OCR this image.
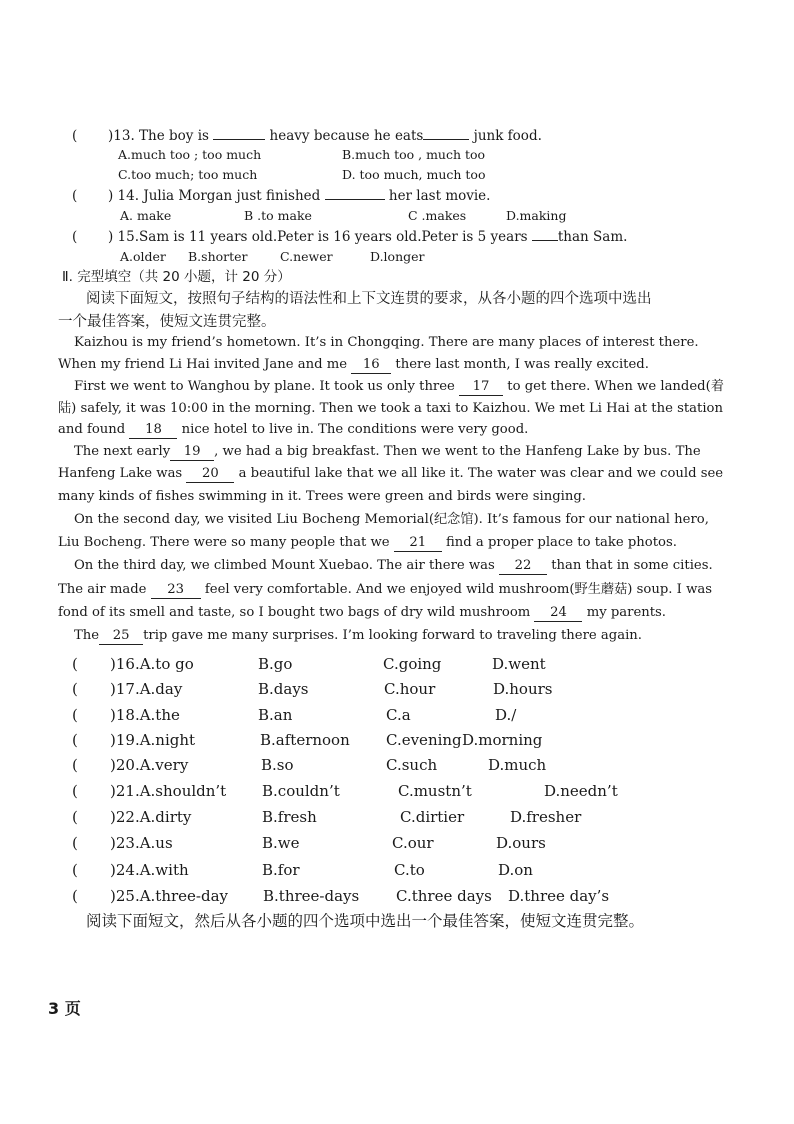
( )13. The boy is	heavy because he eats	junk food.
A.much too ; too much	B.much too , much too
C.too much; too much	D. too much, much too
( ) 14. Julia Morgan just finished	her last movie.
A. make	B .to make	C .makes	D.making
( ) 15.Sam is 11 years old.Peter is 16 years old.Peter is 5 years than Sam.
A.older B.shorter	C.newer	D.longer
Ⅱ. 完型填空（共 20 小题，计 20 分）
阅读下面短文，按照句子结构的语法性和上下文连贯的要求，从各小题的四个选项中选出
一个最佳答案，使短文连贯完整。
Kaizhou is my friend’s hometown. It’s in Chongqing. There are many places of interest there.
When my friend Li Hai invited Jane and me 16 there last month, I was really excited.
First we went to Wanghou by plane. It took us only three 17 to get there. When we landed(着
陆) safely, it was 10:00 in the morning. Then we took a taxi to Kaizhou. We met Li Hai at the station
and found 18 nice hotel to live in. The conditions were very good.
The next early 19 , we had a big breakfast. Then we went to the Hanfeng Lake by bus. The
Hanfeng Lake was 20 a beautiful lake that we all like it. The water was clear and we could see
many kinds of fishes swimming in it. Trees were green and birds were singing.
On the second day, we visited Liu Bocheng Memorial(纪念馆). It’s famous for our national hero,
Liu Bocheng. There were so many people that we 21 find a proper place to take photos.
On the third day, we climbed Mount Xuebao. The air there was 22 than that in some cities.
The air made 23 feel very comfortable. And we enjoyed wild mushroom(野生蘑菇) soup. I was
fond of its smell and taste, so I bought two bags of dry wild mushroom 24 my parents.
The 25 trip gave me many surprises. I’m looking forward to traveling there again.
( )16.A.to go	B.go	C.going	D.went
( )17.A.day	B.days	C.hour	D.hours
( )18.A.the	B.an	C.a	D./
( )19.A.night	B.afternoon C.evening D.morning
( )20.A.very	B.so	C.such	D.much
( )21.A.shouldn’t B.couldn’t	C.mustn’t	D.needn’t
( )22.A.dirty	B.fresh	C.dirtier	D.fresher
( )23.A.us	B.we	C.our	D.ours
( )24.A.with	B.for	C.to	D.on
( )25.A.three-day B.three-days C.three days D.three day’s
阅读下面短文，然后从各小题的四个选项中选出一个最佳答案，使短文连贯完整。
3 页
